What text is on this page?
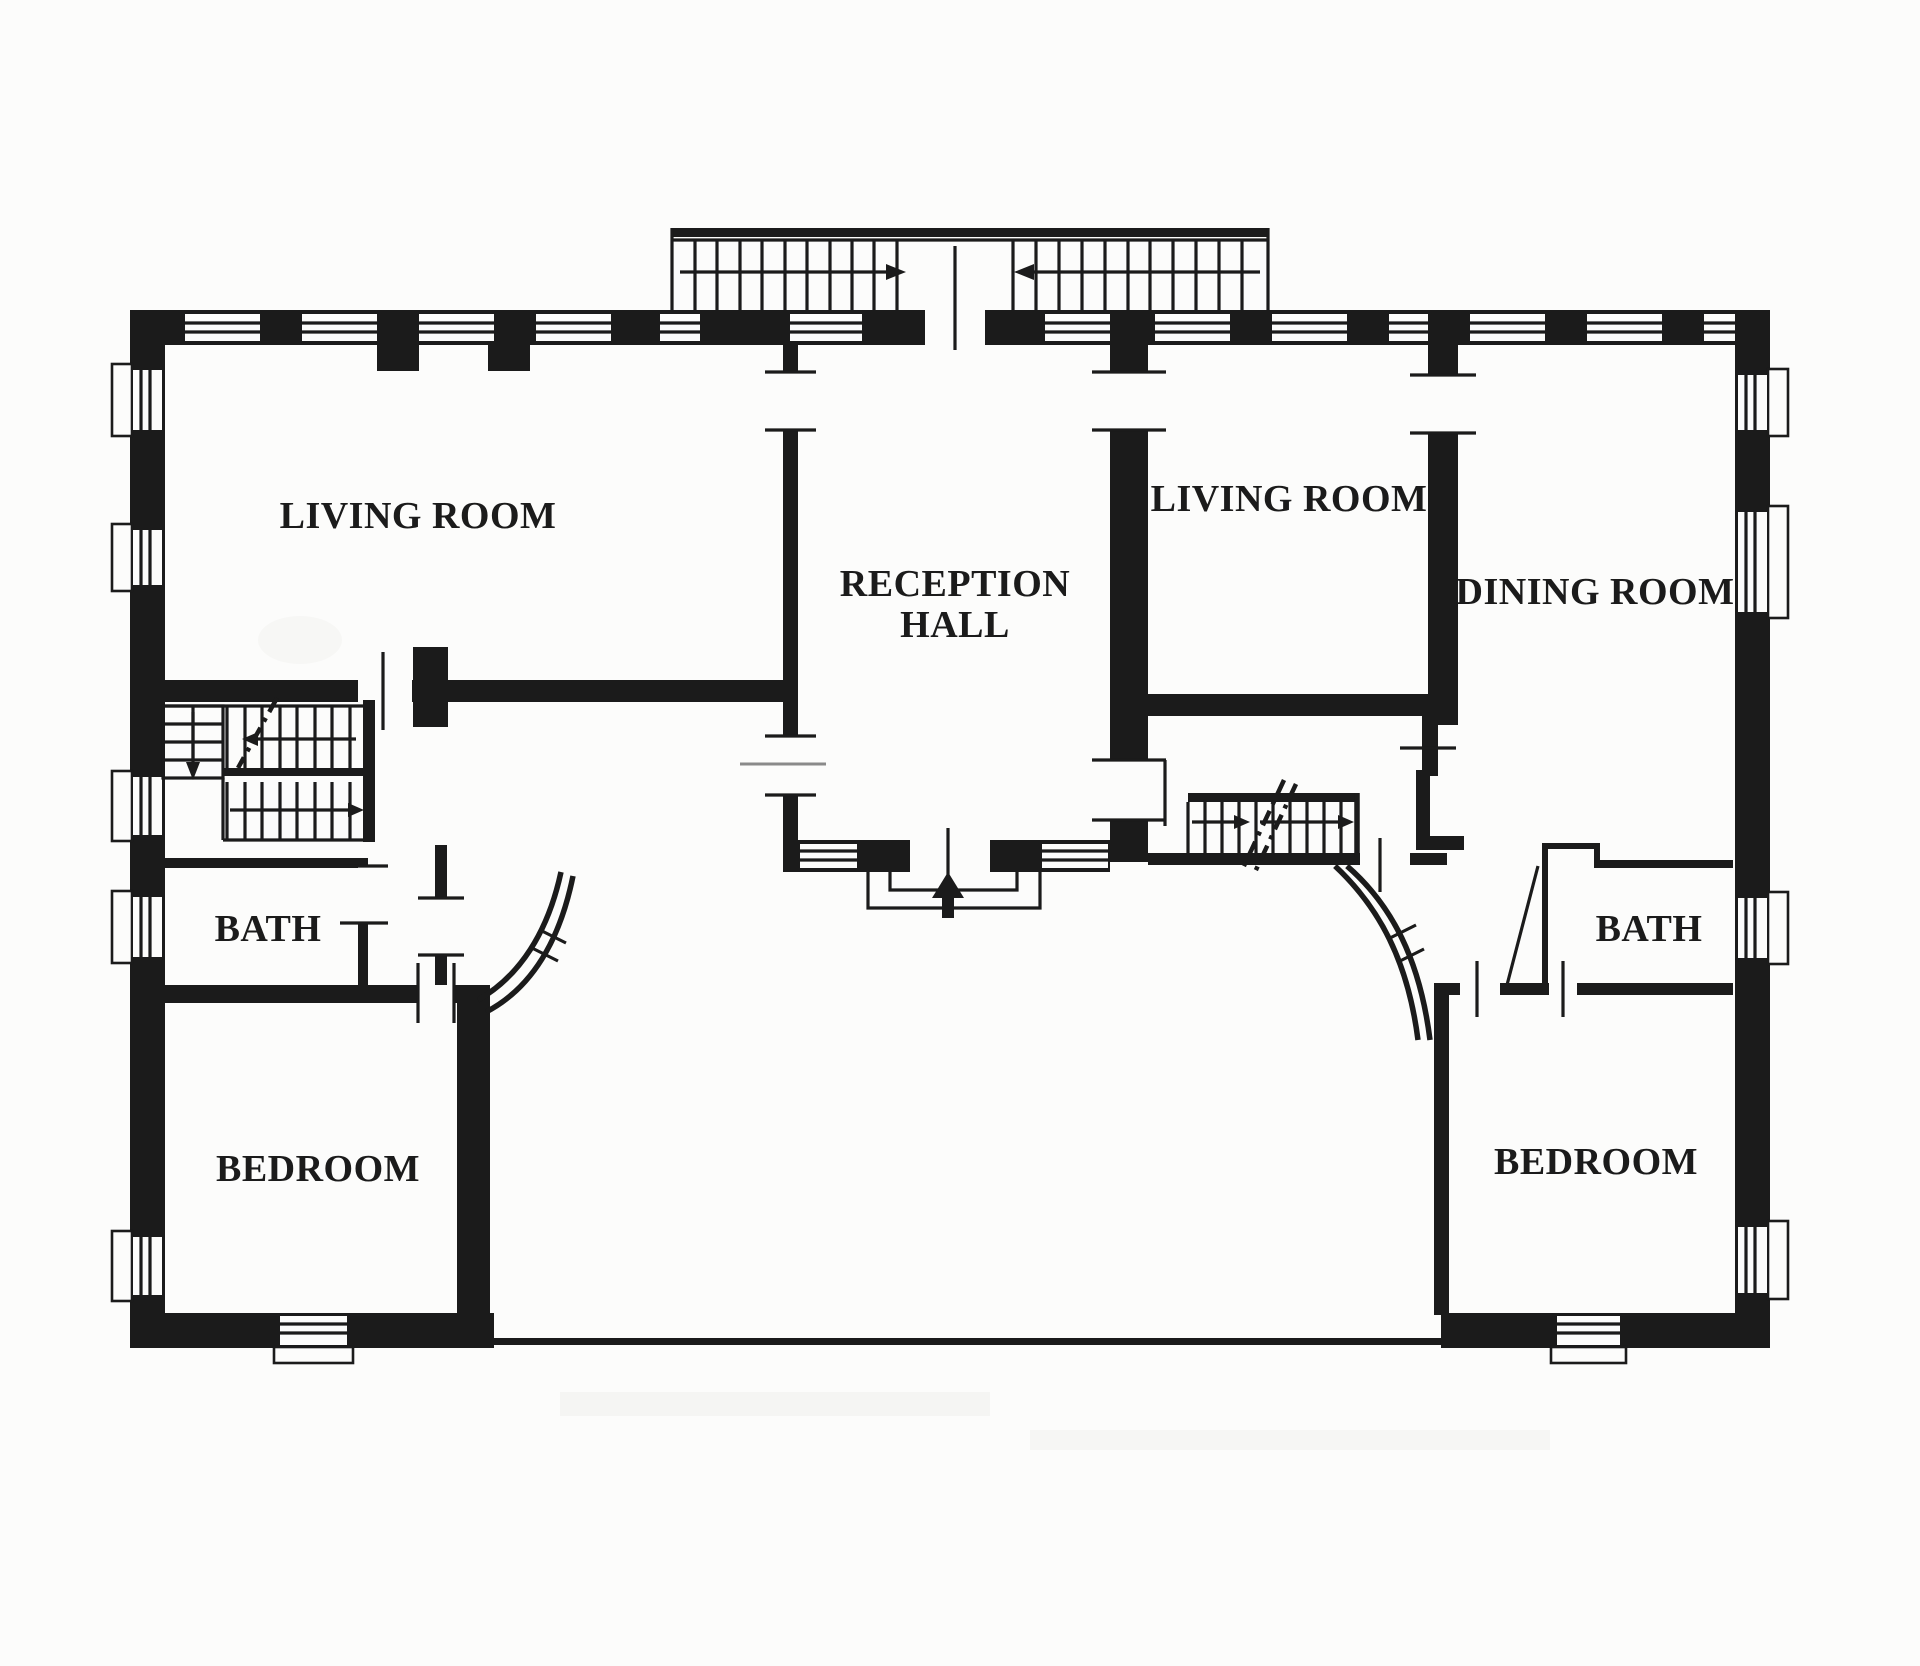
LIVING ROOM
RECEPTION
HALL
LIVING ROOM
DINING ROOM
BATH	BATH
BEDROOM	BEDROOM
